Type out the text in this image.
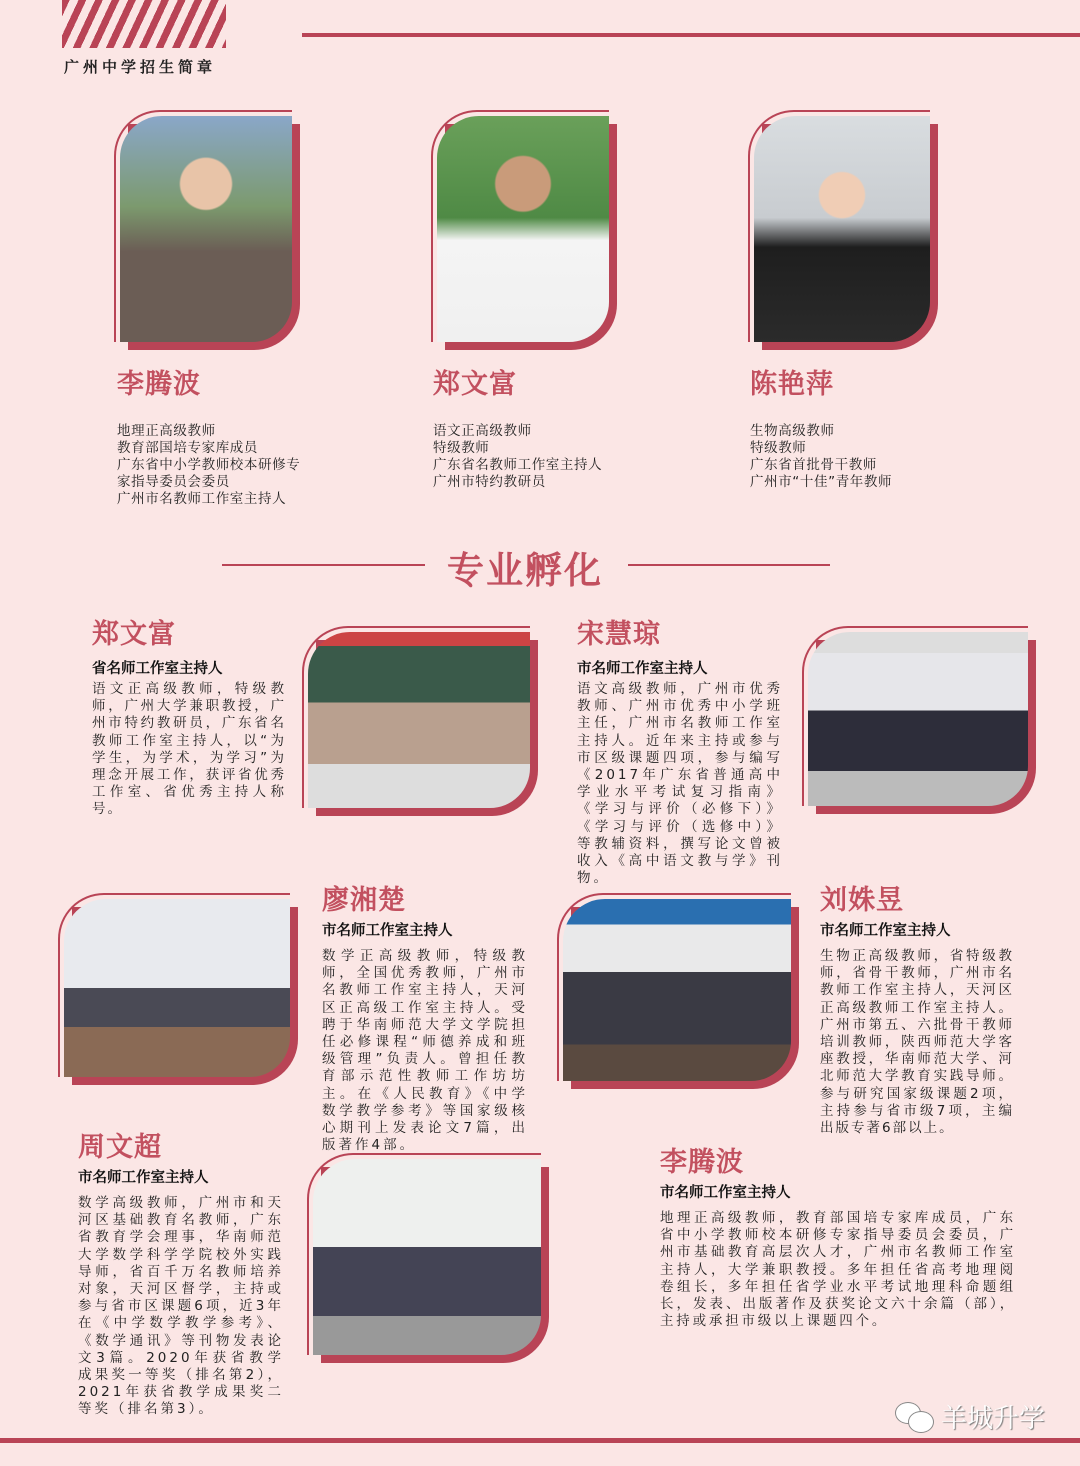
广州中学招生简章
李腾波
地理正高级教师
教育部国培专家库成员
广东省中小学教师校本研修专
家指导委员会委员
广州市名教师工作室主持人
郑文富
语文正高级教师
特级教师
广东省名教师工作室主持人
广州市特约教研员
陈艳萍
生物高级教师
特级教师
广东省首批骨干教师
广州市“十佳”青年教师
专业孵化
郑文富
省名师工作室主持人
语文正高级教师，特级教师，广州大学兼职教授，广州市特约教研员，广东省名教师工作室主持人，以“为学生，为学术，为学习”为理念开展工作，获评省优秀工作室、省优秀主持人称号。
宋慧琼
市名师工作室主持人
语文高级教师，广州市优秀教师、广州市优秀中小学班主任，广州市名教师工作室主持人。近年来主持或参与市区级课题四项，参与编写《2017年广东省普通高中学业水平考试复习指南》《学习与评价（必修下）》《学习与评价（选修中）》等教辅资料，撰写论文曾被收入《高中语文教与学》刊物。
廖湘楚
市名师工作室主持人
数学正高级教师，特级教师，全国优秀教师，广州市名教师工作室主持人，天河区正高级工作室主持人。受聘于华南师范大学文学院担任必修课程“师德养成和班级管理”负责人。曾担任教育部示范性教师工作坊坊主。在《人民教育》《中学数学教学参考》等国家级核心期刊上发表论文7篇，出版著作4部。
刘姝昱
市名师工作室主持人
生物正高级教师，省特级教师，省骨干教师，广州市名教师工作室主持人，天河区正高级教师工作室主持人。广州市第五、六批骨干教师培训教师，陕西师范大学客座教授，华南师范大学、河北师范大学教育实践导师。参与研究国家级课题2项，主持参与省市级7项，主编出版专著6部以上。
周文超
市名师工作室主持人
数学高级教师，广州市和天河区基础教育名教师，广东省教育学会理事，华南师范大学数学科学学院校外实践导师，省百千万名教师培养对象，天河区督学，主持或参与省市区课题6项，近3年在《中学数学教学参考》、《数学通讯》等刊物发表论文3篇。2020年获省教学成果奖一等奖（排名第2），2021年获省教学成果奖二等奖（排名第3）。
李腾波
市名师工作室主持人
地理正高级教师，教育部国培专家库成员，广东省中小学教师校本研修专家指导委员会委员，广州市基础教育高层次人才，广州市名教师工作室主持人，大学兼职教授。多年担任省高考地理阅卷组长，多年担任省学业水平考试地理科命题组长，发表、出版著作及获奖论文六十余篇（部），主持或承担市级以上课题四个。
羊城升学
